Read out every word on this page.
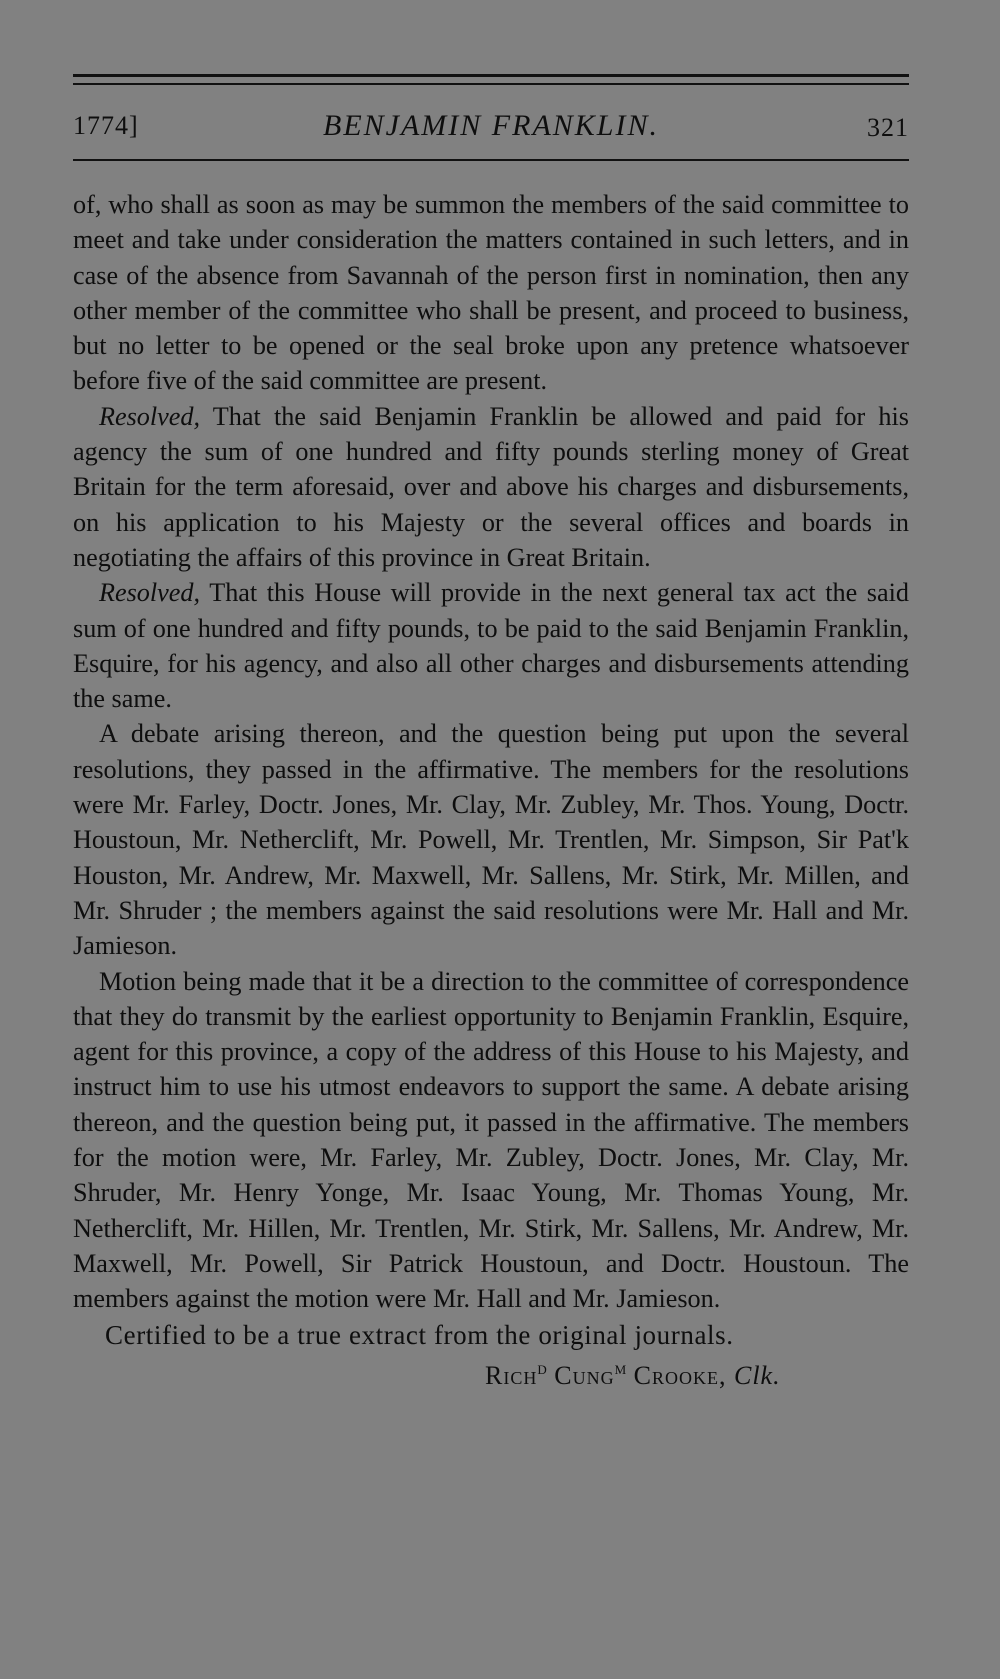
1774]	BENJAMIN FRANKLIN.	321

of, who shall as soon as may be summon the members of the said committee to meet and take under consideration the matters contained in such letters, and in case of the absence from Savannah of the person first in nomination, then any other member of the committee who shall be present, and proceed to business, but no letter to be opened or the seal broke upon any pretence whatsoever before five of the said committee are present.

Resolved, That the said Benjamin Franklin be allowed and paid for his agency the sum of one hundred and fifty pounds sterling money of Great Britain for the term aforesaid, over and above his charges and disbursements, on his application to his Majesty or the several offices and boards in negotiating the affairs of this province in Great Britain.

Resolved, That this House will provide in the next general tax act the said sum of one hundred and fifty pounds, to be paid to the said Benjamin Franklin, Esquire, for his agency, and also all other charges and disbursements attending the same.

A debate arising thereon, and the question being put upon the several resolutions, they passed in the affirmative. The members for the resolutions were Mr. Farley, Doctr. Jones, Mr. Clay, Mr. Zubley, Mr. Thos. Young, Doctr. Houstoun, Mr. Netherclift, Mr. Powell, Mr. Trentlen, Mr. Simpson, Sir Pat'k Houston, Mr. Andrew, Mr. Maxwell, Mr. Sallens, Mr. Stirk, Mr. Millen, and Mr. Shruder ; the members against the said resolutions were Mr. Hall and Mr. Jamieson.

Motion being made that it be a direction to the committee of correspondence that they do transmit by the earliest opportunity to Benjamin Franklin, Esquire, agent for this province, a copy of the address of this House to his Majesty, and instruct him to use his utmost endeavors to support the same. A debate arising thereon, and the question being put, it passed in the affirmative. The members for the motion were, Mr. Farley, Mr. Zubley, Doctr. Jones, Mr. Clay, Mr. Shruder, Mr. Henry Yonge, Mr. Isaac Young, Mr. Thomas Young, Mr. Netherclift, Mr. Hillen, Mr. Trentlen, Mr. Stirk, Mr. Sallens, Mr. Andrew, Mr. Maxwell, Mr. Powell, Sir Patrick Houstoun, and Doctr. Houstoun. The members against the motion were Mr. Hall and Mr. Jamieson.

Certified to be a true extract from the original journals.

Rich$^D$ Cung$^M$ Crooke, Clk.
